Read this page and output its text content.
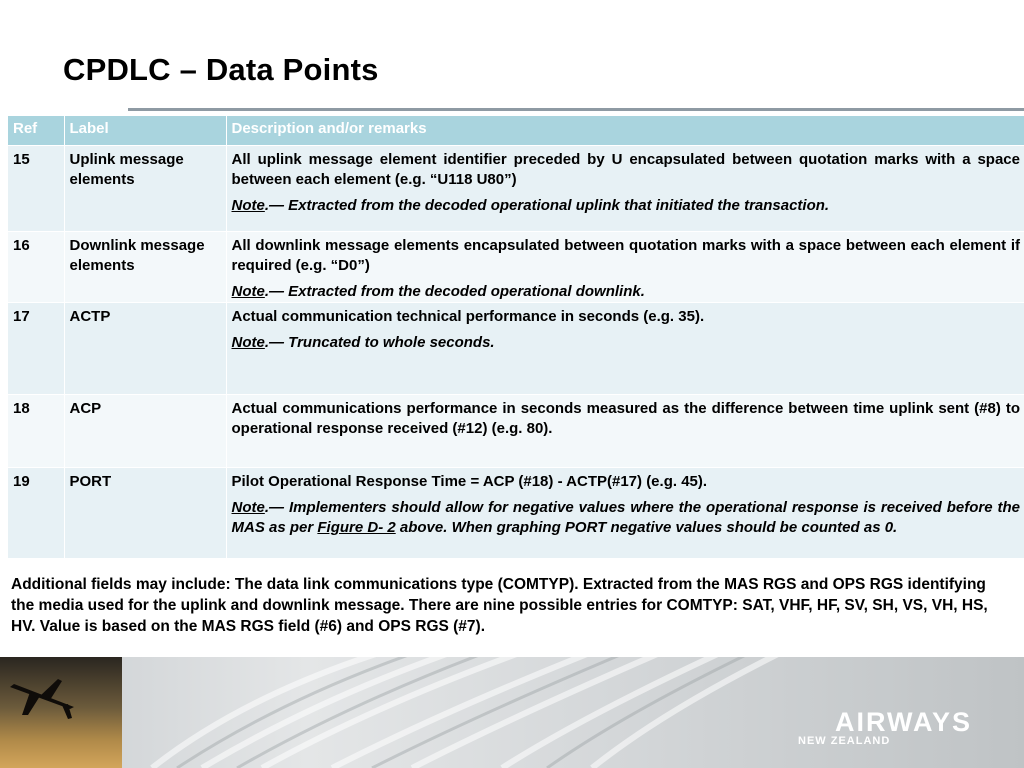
CPDLC – Data Points
Ref	Label	Description and/or remarks
15	Uplink message elements	All uplink message element identifier preceded by U encapsulated between quotation marks with a space between each element (e.g. “U118 U80”)

Note.— Extracted from the decoded operational uplink that initiated the transaction.

16	Downlink message elements	All downlink message elements encapsulated between quotation marks with a space between each element if required (e.g. “D0”)

Note.— Extracted from the decoded operational downlink.

17	ACTP	Actual communication technical performance in seconds (e.g. 35).

Note.— Truncated to whole seconds.

18	ACP	Actual communications performance in seconds measured as the difference between time uplink sent (#8) to operational response received (#12) (e.g. 80).

19	PORT	Pilot Operational Response Time = ACP (#18) - ACTP(#17) (e.g. 45).

Note.— Implementers should allow for negative values where the operational response is received before the MAS as per Figure D- 2 above. When graphing PORT negative values should be counted as 0.

Additional fields may include: The data link communications type (COMTYP). Extracted from the MAS RGS and OPS RGS identifying the media used for the uplink and downlink message. There are nine possible entries for COMTYP: SAT, VHF, HF, SV, SH, VS, VH, HS, HV. Value is based on the MAS RGS field (#6) and OPS RGS (#7).

AIRWAYS
NEW ZEALAND
